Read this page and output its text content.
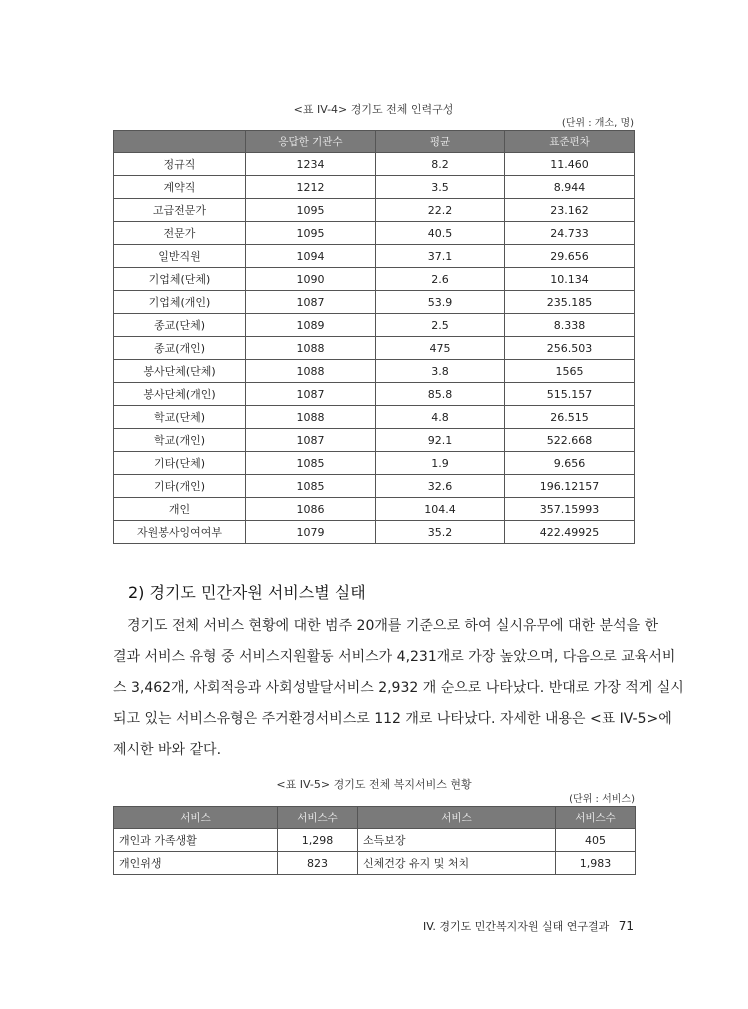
<표 IV-4> 경기도 전체 인력구성
(단위 : 개소, 명)
	응답한 기관수	평균	표준편차
정규직	1234	8.2	11.460
계약직	1212	3.5	8.944
고급전문가	1095	22.2	23.162
전문가	1095	40.5	24.733
일반직원	1094	37.1	29.656
기업체(단체)	1090	2.6	10.134
기업체(개인)	1087	53.9	235.185
종교(단체)	1089	2.5	8.338
종교(개인)	1088	475	256.503
봉사단체(단체)	1088	3.8	1565
봉사단체(개인)	1087	85.8	515.157
학교(단체)	1088	4.8	26.515
학교(개인)	1087	92.1	522.668
기타(단체)	1085	1.9	9.656
기타(개인)	1085	32.6	196.12157
개인	1086	104.4	357.15993
자원봉사잉여여부	1079	35.2	422.49925
2) 경기도 민간자원 서비스별 실태
경기도 전체 서비스 현황에 대한 범주 20개를 기준으로 하여 실시유무에 대한 분석을 한
결과 서비스 유형 중 서비스지원활동 서비스가 4,231개로 가장 높았으며, 다음으로 교육서비
스 3,462개, 사회적응과 사회성발달서비스 2,932 개 순으로 나타났다. 반대로 가장 적게 실시
되고 있는 서비스유형은 주거환경서비스로 112 개로 나타났다. 자세한 내용은 <표 IV-5>에
제시한 바와 같다.
<표 IV-5> 경기도 전체 복지서비스 현황
(단위 : 서비스)
서비스	서비스수	서비스	서비스수
개인과 가족생활	1,298	소득보장	405
개인위생	823	신체건강 유지 및 처치	1,983
IV. 경기도 민간복지자원 실태 연구결과 71
